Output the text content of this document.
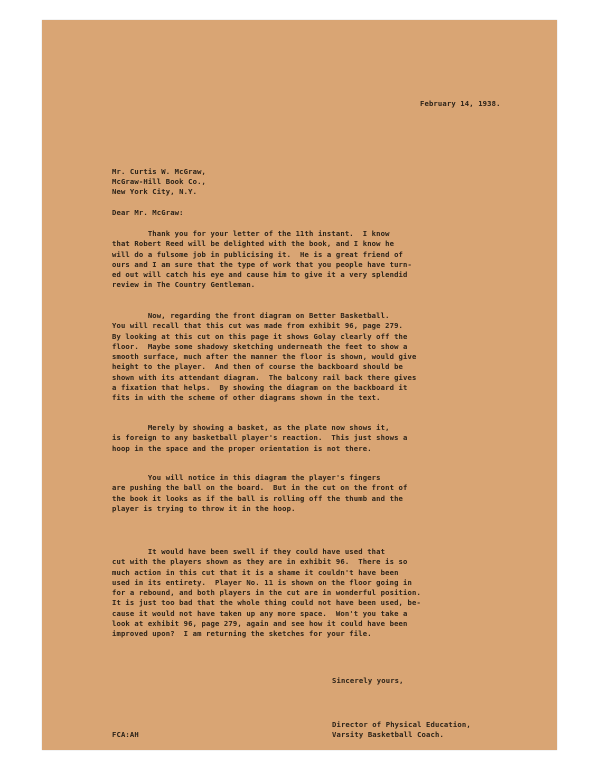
February 14, 1938.
Mr. Curtis W. McGraw,
McGraw-Hill Book Co.,
New York City, N.Y.
Dear Mr. McGraw:
Thank you for your letter of the 11th instant.  I know
that Robert Reed will be delighted with the book, and I know he
will do a fulsome job in publicising it.  He is a great friend of
ours and I am sure that the type of work that you people have turn-
ed out will catch his eye and cause him to give it a very splendid
review in The Country Gentleman.
Now, regarding the front diagram on Better Basketball.
You will recall that this cut was made from exhibit 96, page 279.
By looking at this cut on this page it shows Golay clearly off the
floor.  Maybe some shadowy sketching underneath the feet to show a
smooth surface, much after the manner the floor is shown, would give
height to the player.  And then of course the backboard should be
shown with its attendant diagram.  The balcony rail back there gives
a fixation that helps.  By showing the diagram on the backboard it
fits in with the scheme of other diagrams shown in the text.
Merely by showing a basket, as the plate now shows it,
is foreign to any basketball player's reaction.  This just shows a
hoop in the space and the proper orientation is not there.
You will notice in this diagram the player's fingers
are pushing the ball on the board.  But in the cut on the front of
the book it looks as if the ball is rolling off the thumb and the
player is trying to throw it in the hoop.
It would have been swell if they could have used that
cut with the players shown as they are in exhibit 96.  There is so
much action in this cut that it is a shame it couldn't have been
used in its entirety.  Player No. 11 is shown on the floor going in
for a rebound, and both players in the cut are in wonderful position.
It is just too bad that the whole thing could not have been used, be-
cause it would not have taken up any more space.  Won't you take a
look at exhibit 96, page 279, again and see how it could have been
improved upon?  I am returning the sketches for your file.
Sincerely yours,
Director of Physical Education,
Varsity Basketball Coach.
FCA:AH
